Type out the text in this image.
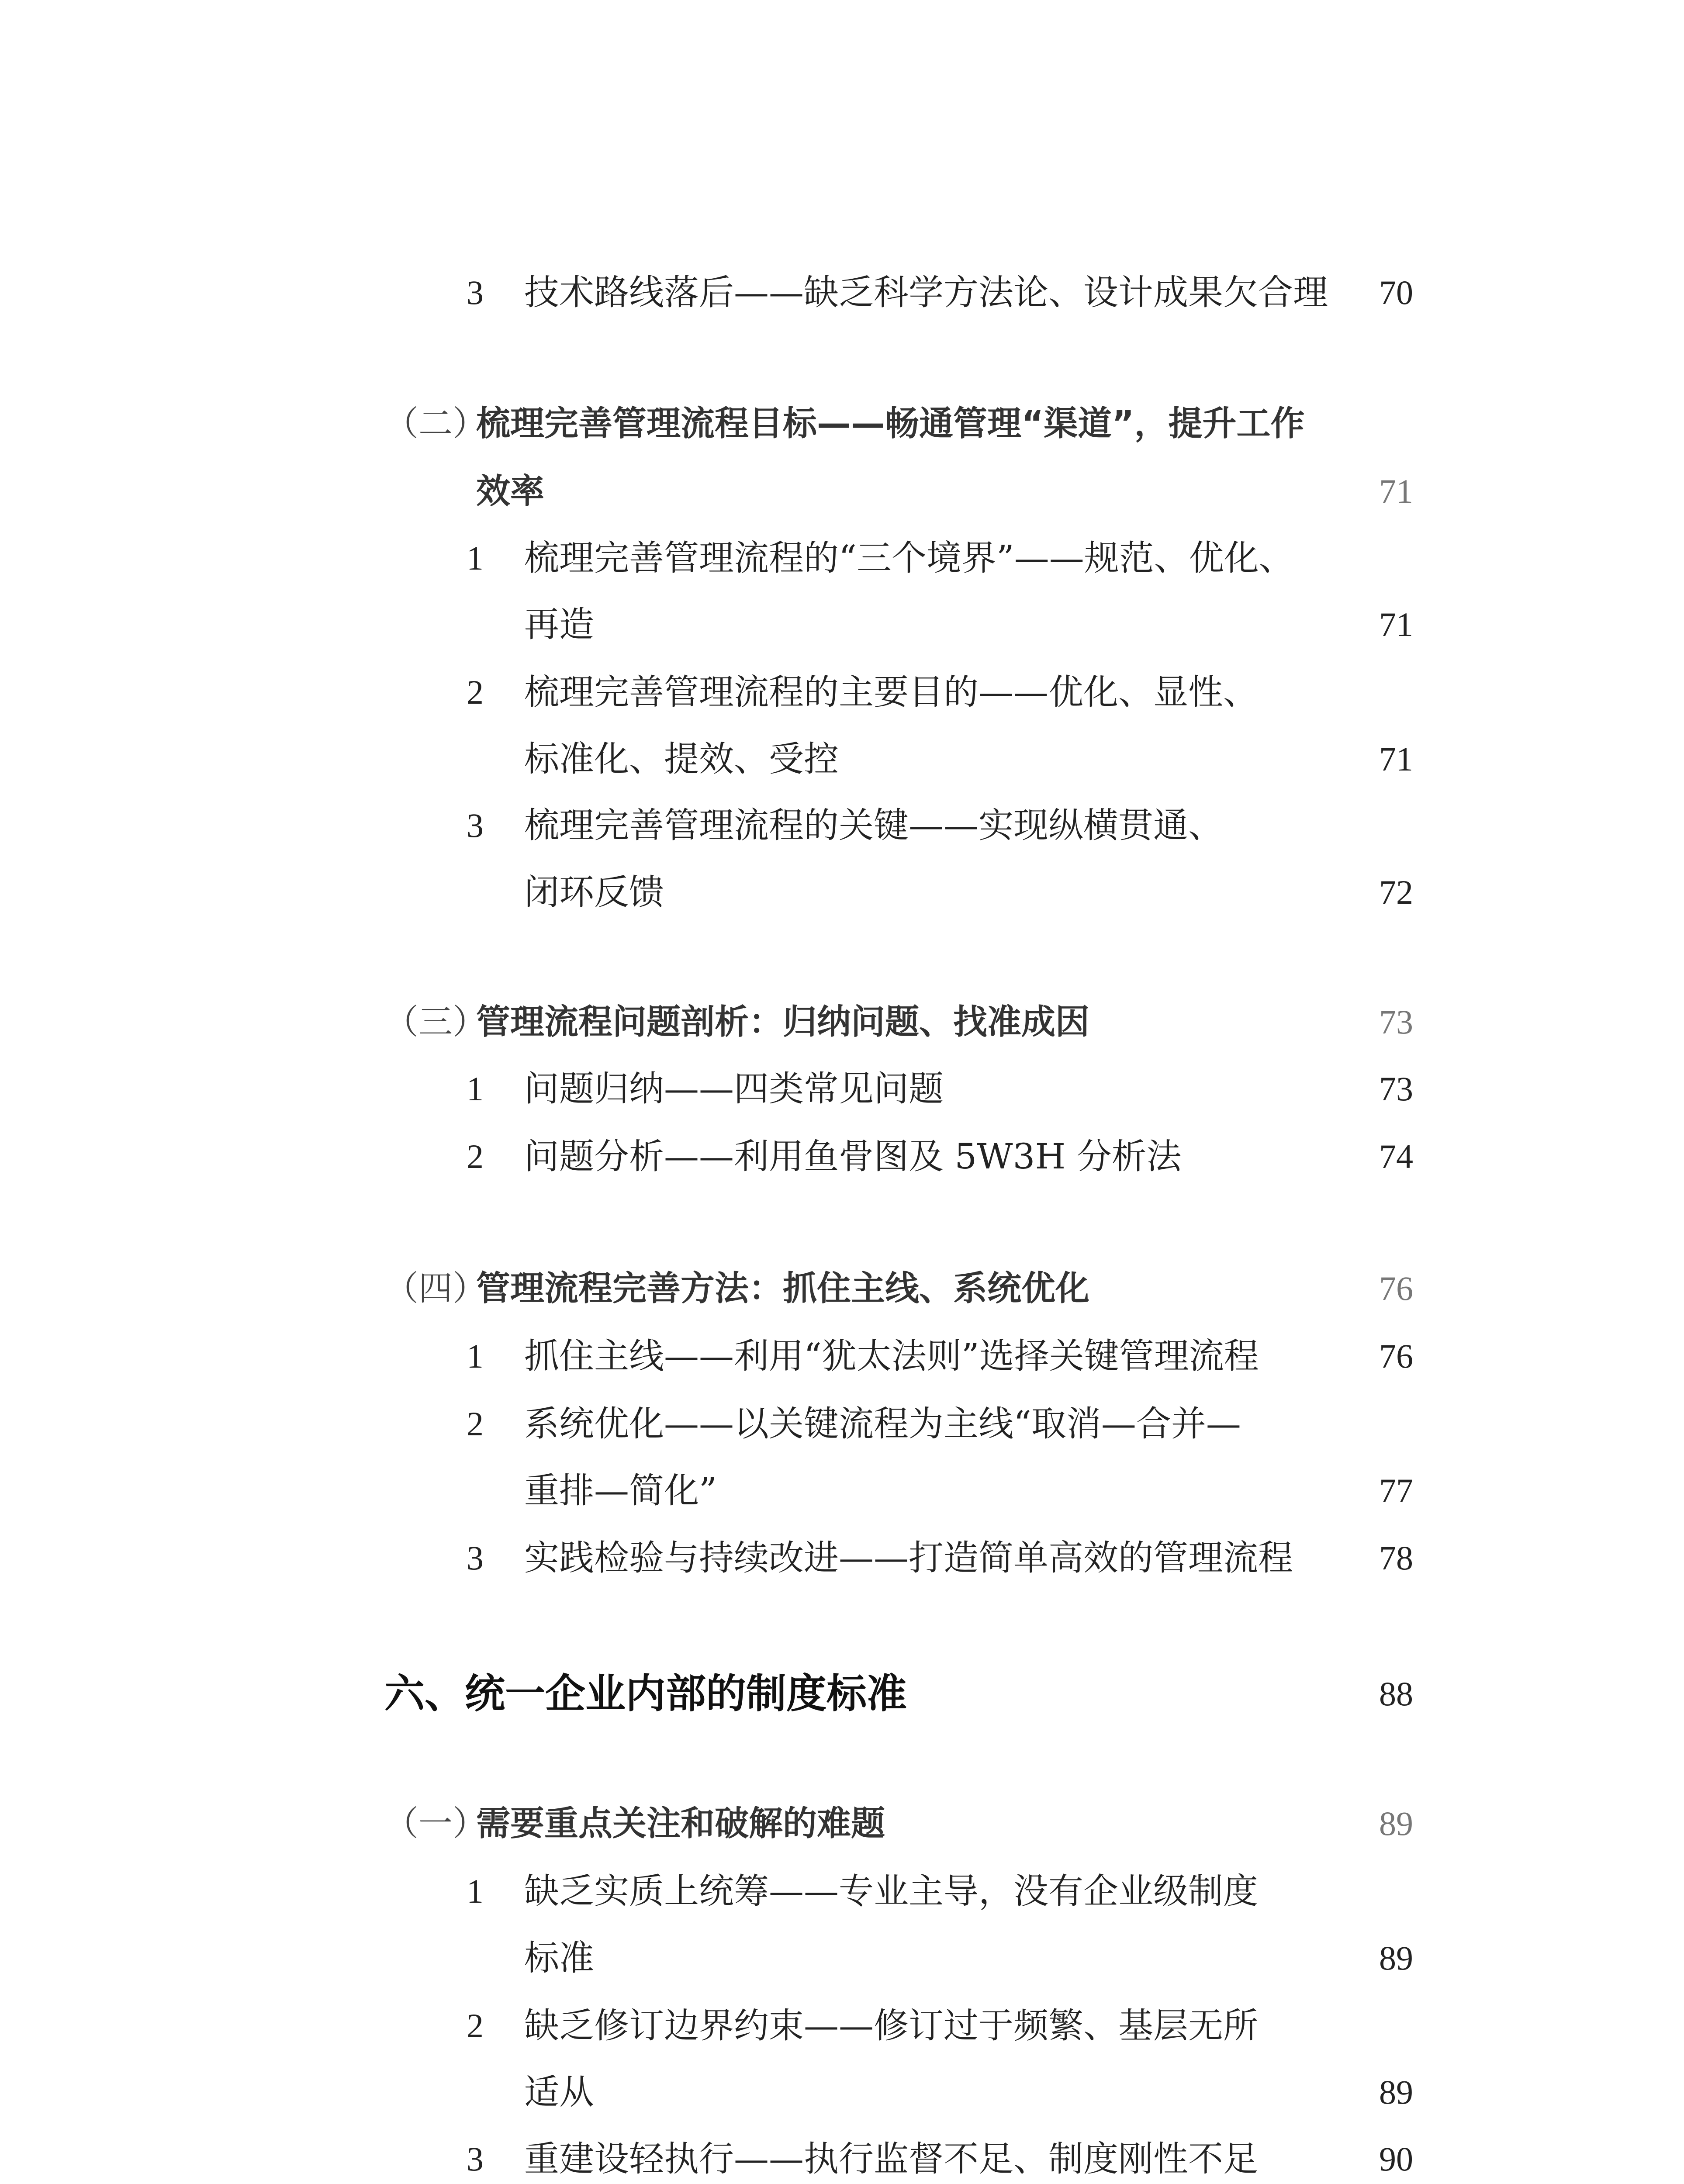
3	技术路线落后——缺乏科学方法论、设计成果欠合理 70
（二）
梳理完善管理流程目标——畅通管理“渠道”，提升工作
效率	71
1	梳理完善管理流程的“三个境界”——规范、优化、
再造	71
2	梳理完善管理流程的主要目的——优化、显性、
标准化、提效、受控	71
3	梳理完善管理流程的关键——实现纵横贯通、
闭环反馈	72
（三）
管理流程问题剖析：归纳问题、找准成因	73
1	问题归纳——四类常见问题	73
2	问题分析——利用鱼骨图及 5W3H 分析法	74
（四）
管理流程完善方法：抓住主线、系统优化	76
1	抓住主线——利用“犹太法则”选择关键管理流程	76
2	系统优化——以关键流程为主线“取消—合并—
重排—简化”	77
3	实践检验与持续改进——打造简单高效的管理流程	78
六、统一企业内部的制度标准	88
（一）
需要重点关注和破解的难题	89
1	缺乏实质上统筹——专业主导，没有企业级制度
标准	89
2	缺乏修订边界约束——修订过于频繁、基层无所
适从	89
3	重建设轻执行——执行监督不足、制度刚性不足	90
